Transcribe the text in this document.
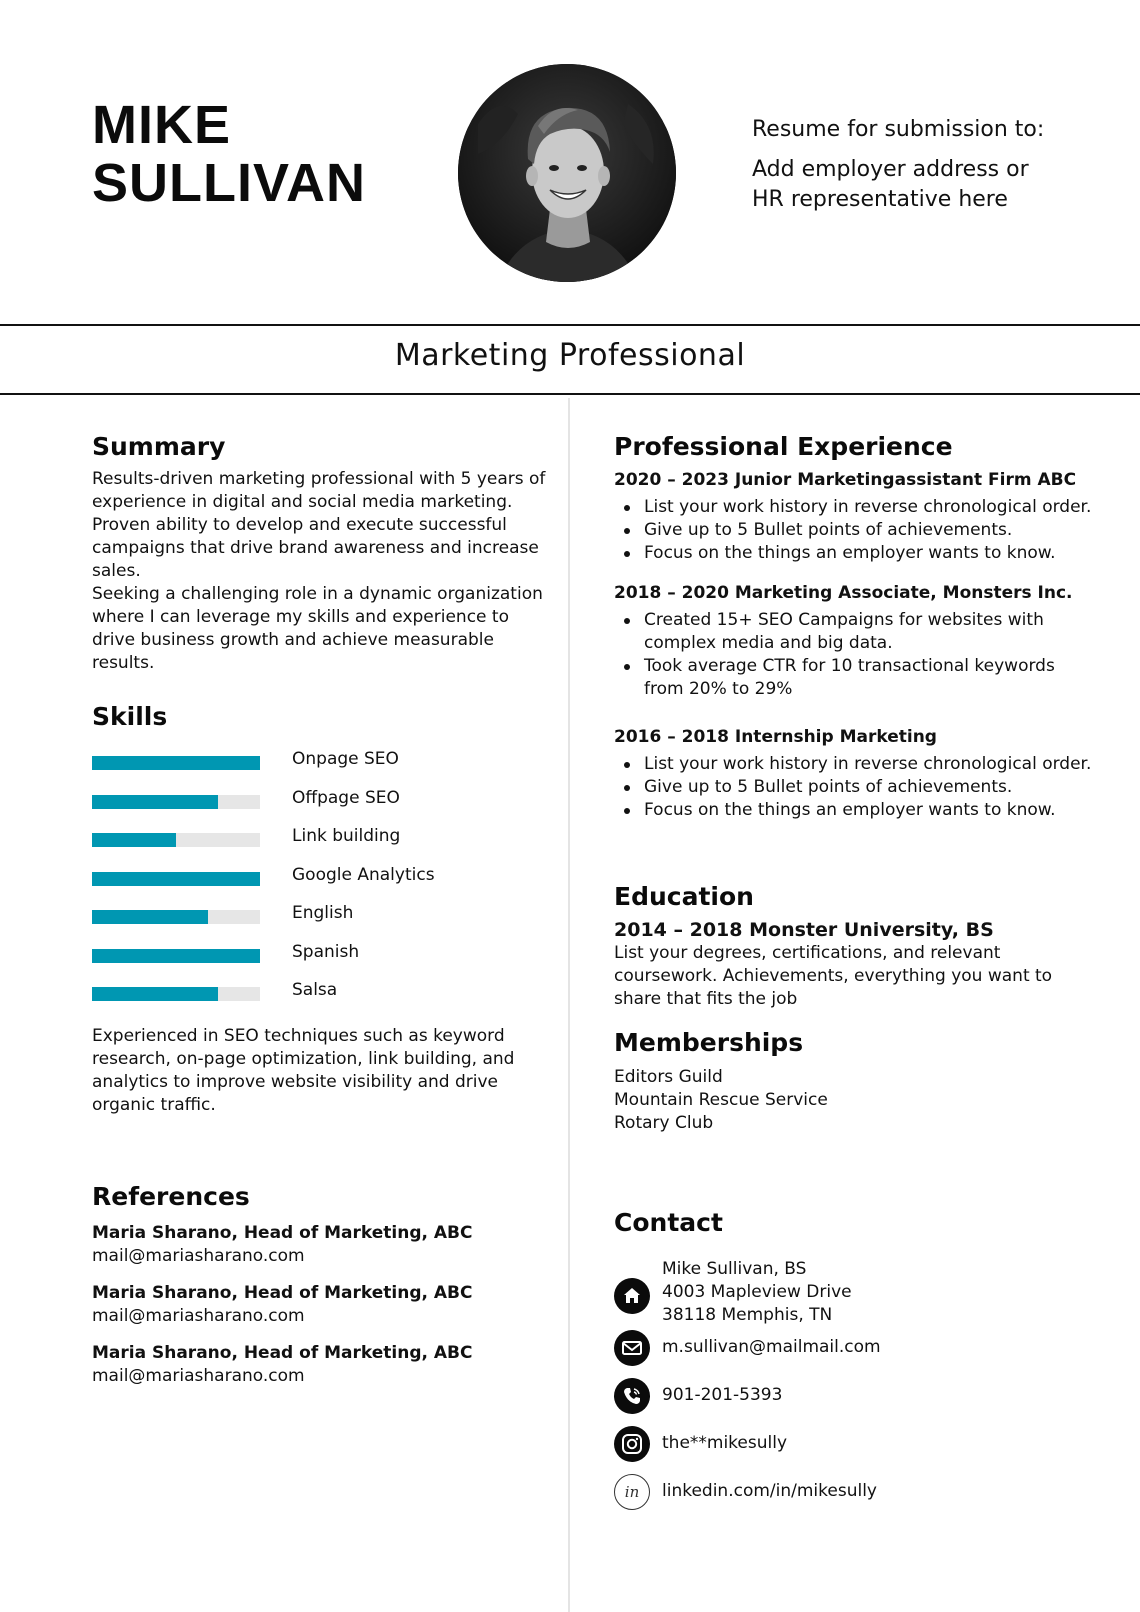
MIKE
SULLIVAN
Resume for submission to:
Add employer address or HR representative here
Marketing Professional
Summary

Results-driven marketing professional with 5 years of experience in digital and social media marketing. Proven ability to develop and execute successful campaigns that drive brand awareness and increase sales.

Seeking a challenging role in a dynamic organization where I can leverage my skills and experience to drive business growth and achieve measurable results.

Skills
Onpage SEO
Offpage SEO
Link building
Google Analytics
English
Spanish
Salsa

Experienced in SEO techniques such as keyword research, on-page optimization, link building, and analytics to improve website visibility and drive organic traffic.

References
Maria Sharano, Head of Marketing, ABC
mail@mariasharano.com
Maria Sharano, Head of Marketing, ABC
mail@mariasharano.com
Maria Sharano, Head of Marketing, ABC
mail@mariasharano.com
Professional Experience
2020 – 2023 Junior Marketingassistant Firm ABC
List your work history in reverse chronological order.
Give up to 5 Bullet points of achievements.
Focus on the things an employer wants to know.
2018 – 2020 Marketing Associate, Monsters Inc.
Created 15+ SEO Campaigns for websites with complex media and big data.
Took average CTR for 10 transactional keywords from 20% to 29%
2016 – 2018 Internship Marketing
List your work history in reverse chronological order.
Give up to 5 Bullet points of achievements.
Focus on the things an employer wants to know.
Education
2014 – 2018 Monster University, BS

List your degrees, certifications, and relevant coursework. Achievements, everything you want to share that fits the job

Memberships
Editors Guild
Mountain Rescue Service
Rotary Club
Contact
Mike Sullivan, BS
4003 Mapleview Drive
38118 Memphis, TN
m.sullivan@mailmail.com
901-201-5393
the**mikesully
in linkedin.com/in/mikesully
